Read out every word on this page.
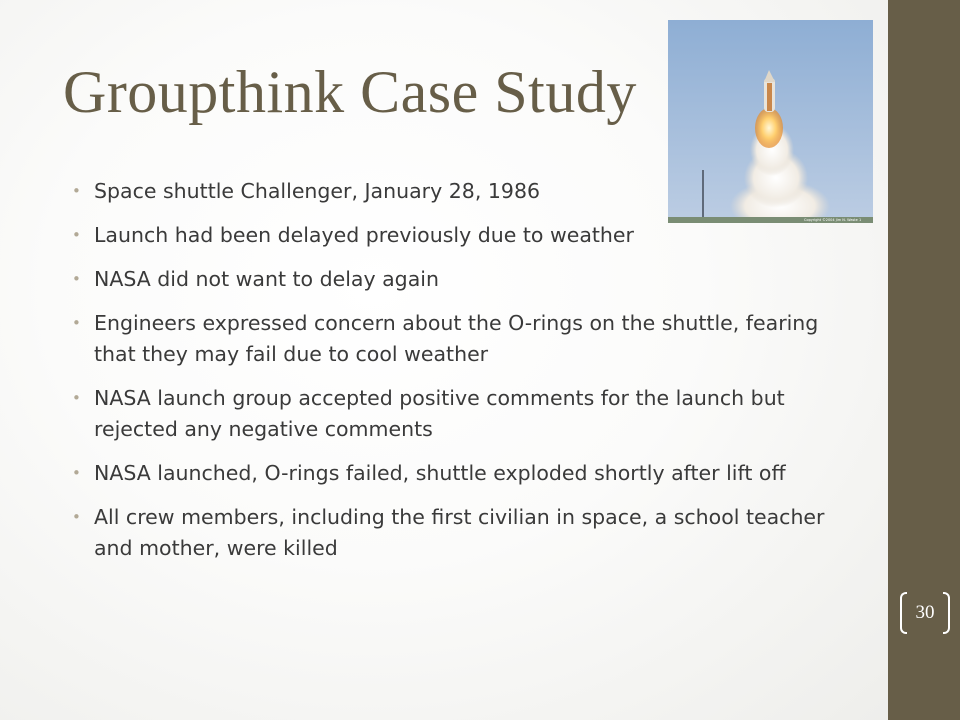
Groupthink Case Study
Copyright ©2004 Jim N. Waste 1
• Space shuttle Challenger, January 28, 1986
• Launch had been delayed previously due to weather
• NASA did not want to delay again
• Engineers expressed concern about the O-rings on the shuttle, fearing that they may fail due to cool weather
• NASA launch group accepted positive comments for the launch but rejected any negative comments
• NASA launched, O-rings failed, shuttle exploded shortly after lift off
• All crew members, including the first civilian in space, a school teacher and mother, were killed
30
